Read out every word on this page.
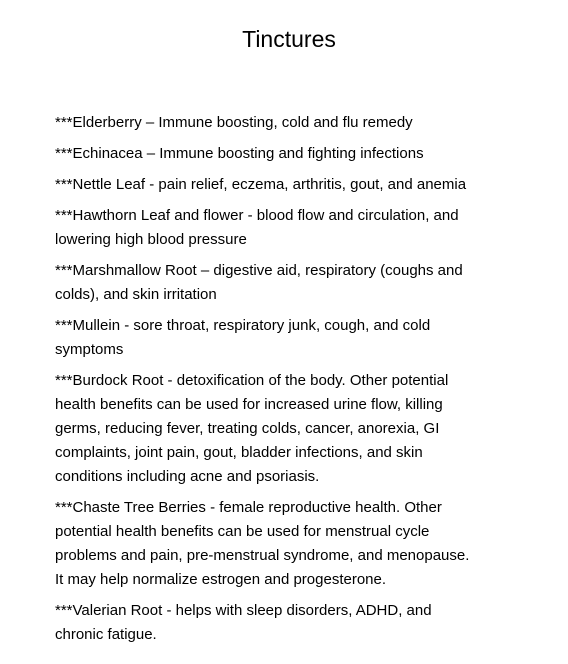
Tinctures
***Elderberry – Immune boosting, cold and flu remedy
***Echinacea – Immune boosting and fighting infections
***Nettle Leaf - pain relief, eczema, arthritis, gout, and anemia
***Hawthorn Leaf and flower - blood flow and circulation, and
lowering high blood pressure
***Marshmallow Root – digestive aid, respiratory (coughs and
colds), and skin irritation
***Mullein - sore throat, respiratory junk, cough, and cold
symptoms
***Burdock Root - detoxification of the body. Other potential
health benefits can be used for increased urine flow, killing
germs, reducing fever, treating colds, cancer, anorexia, GI
complaints, joint pain, gout, bladder infections, and skin
conditions including acne and psoriasis.
***Chaste Tree Berries - female reproductive health. Other
potential health benefits can be used for menstrual cycle
problems and pain, pre-menstrual syndrome, and menopause.
It may help normalize estrogen and progesterone.
***Valerian Root - helps with sleep disorders, ADHD, and
chronic fatigue.
